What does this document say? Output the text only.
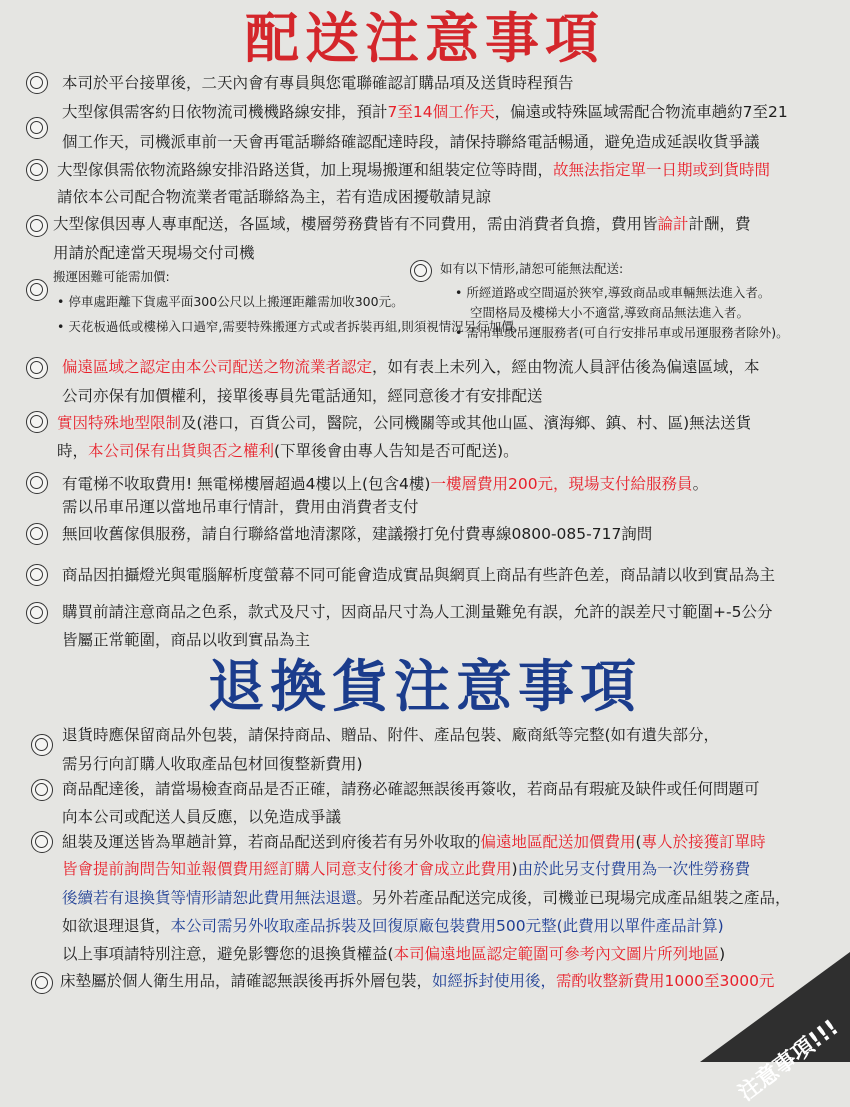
配送注意事項
退換貨注意事項
本司於平台接單後，二天內會有專員與您電聯確認訂購品項及送貨時程預告
大型傢俱需客約日依物流司機機路線安排，預計7至14個工作天，偏遠或特殊區域需配合物流車趟約7至21
個工作天，司機派車前一天會再電話聯絡確認配達時段，請保持聯絡電話暢通，避免造成延誤收貨爭議
大型傢俱需依物流路線安排沿路送貨，加上現場搬運和組裝定位等時間，故無法指定單一日期或到貨時間
請依本公司配合物流業者電話聯絡為主，若有造成困擾敬請見諒
大型傢俱因專人專車配送，各區域，樓層勞務費皆有不同費用，需由消費者負擔，費用皆論計計酬，費
用請於配達當天現場交付司機
搬運困難可能需加價:
• 停車處距離下貨處平面300公尺以上搬運距離需加收300元。
• 天花板過低或樓梯入口過窄,需要特殊搬運方式或者拆裝再組,則須視情況另行加價,
如有以下情形,請恕可能無法配送:
• 所經道路或空間逼於狹窄,導致商品或車輛無法進入者。
空間格局及樓梯大小不適當,導致商品無法進入者。
• 需吊車或吊運服務者(可自行安排吊車或吊運服務者除外)。
偏遠區域之認定由本公司配送之物流業者認定，如有表上未列入，經由物流人員評估後為偏遠區域，本
公司亦保有加價權利，接單後專員先電話通知，經同意後才有安排配送
實因特殊地型限制及(港口，百貨公司，醫院，公同機關等或其他山區、濱海鄉、鎮、村、區)無法送貨
時，本公司保有出貨與否之權利(下單後會由專人告知是否可配送)。
有電梯不收取費用! 無電梯樓層超過4樓以上(包含4樓)一樓層費用200元，現場支付給服務員。
需以吊車吊運以當地吊車行情計，費用由消費者支付
無回收舊傢俱服務，請自行聯絡當地清潔隊，建議撥打免付費專線0800-085-717詢問
商品因拍攝燈光與電腦解析度螢幕不同可能會造成實品與網頁上商品有些許色差，商品請以收到實品為主
購買前請注意商品之色系，款式及尺寸，因商品尺寸為人工測量難免有誤，允許的誤差尺寸範圍+-5公分
皆屬正常範圍，商品以收到實品為主
退貨時應保留商品外包裝，請保持商品、贈品、附件、產品包裝、廠商紙等完整(如有遺失部分，
需另行向訂購人收取產品包材回復整新費用)
商品配達後，請當場檢查商品是否正確，請務必確認無誤後再簽收，若商品有瑕疵及缺件或任何問題可
向本公司或配送人員反應，以免造成爭議
組裝及運送皆為單趟計算，若商品配送到府後若有另外收取的偏遠地區配送加價費用(專人於接獲訂單時
皆會提前詢問告知並報價費用經訂購人同意支付後才會成立此費用)由於此另支付費用為一次性勞務費
後續若有退換貨等情形請恕此費用無法退還。另外若產品配送完成後，司機並已現場完成產品組裝之產品，
如欲退理退貨，本公司需另外收取產品拆裝及回復原廠包裝費用500元整(此費用以單件產品計算)
以上事項請特別注意，避免影響您的退換貨權益(本司偏遠地區認定範圍可參考內文圖片所列地區)
床墊屬於個人衛生用品，請確認無誤後再拆外層包裝，如經拆封使用後，需酌收整新費用1000至3000元
注意事項!!!
